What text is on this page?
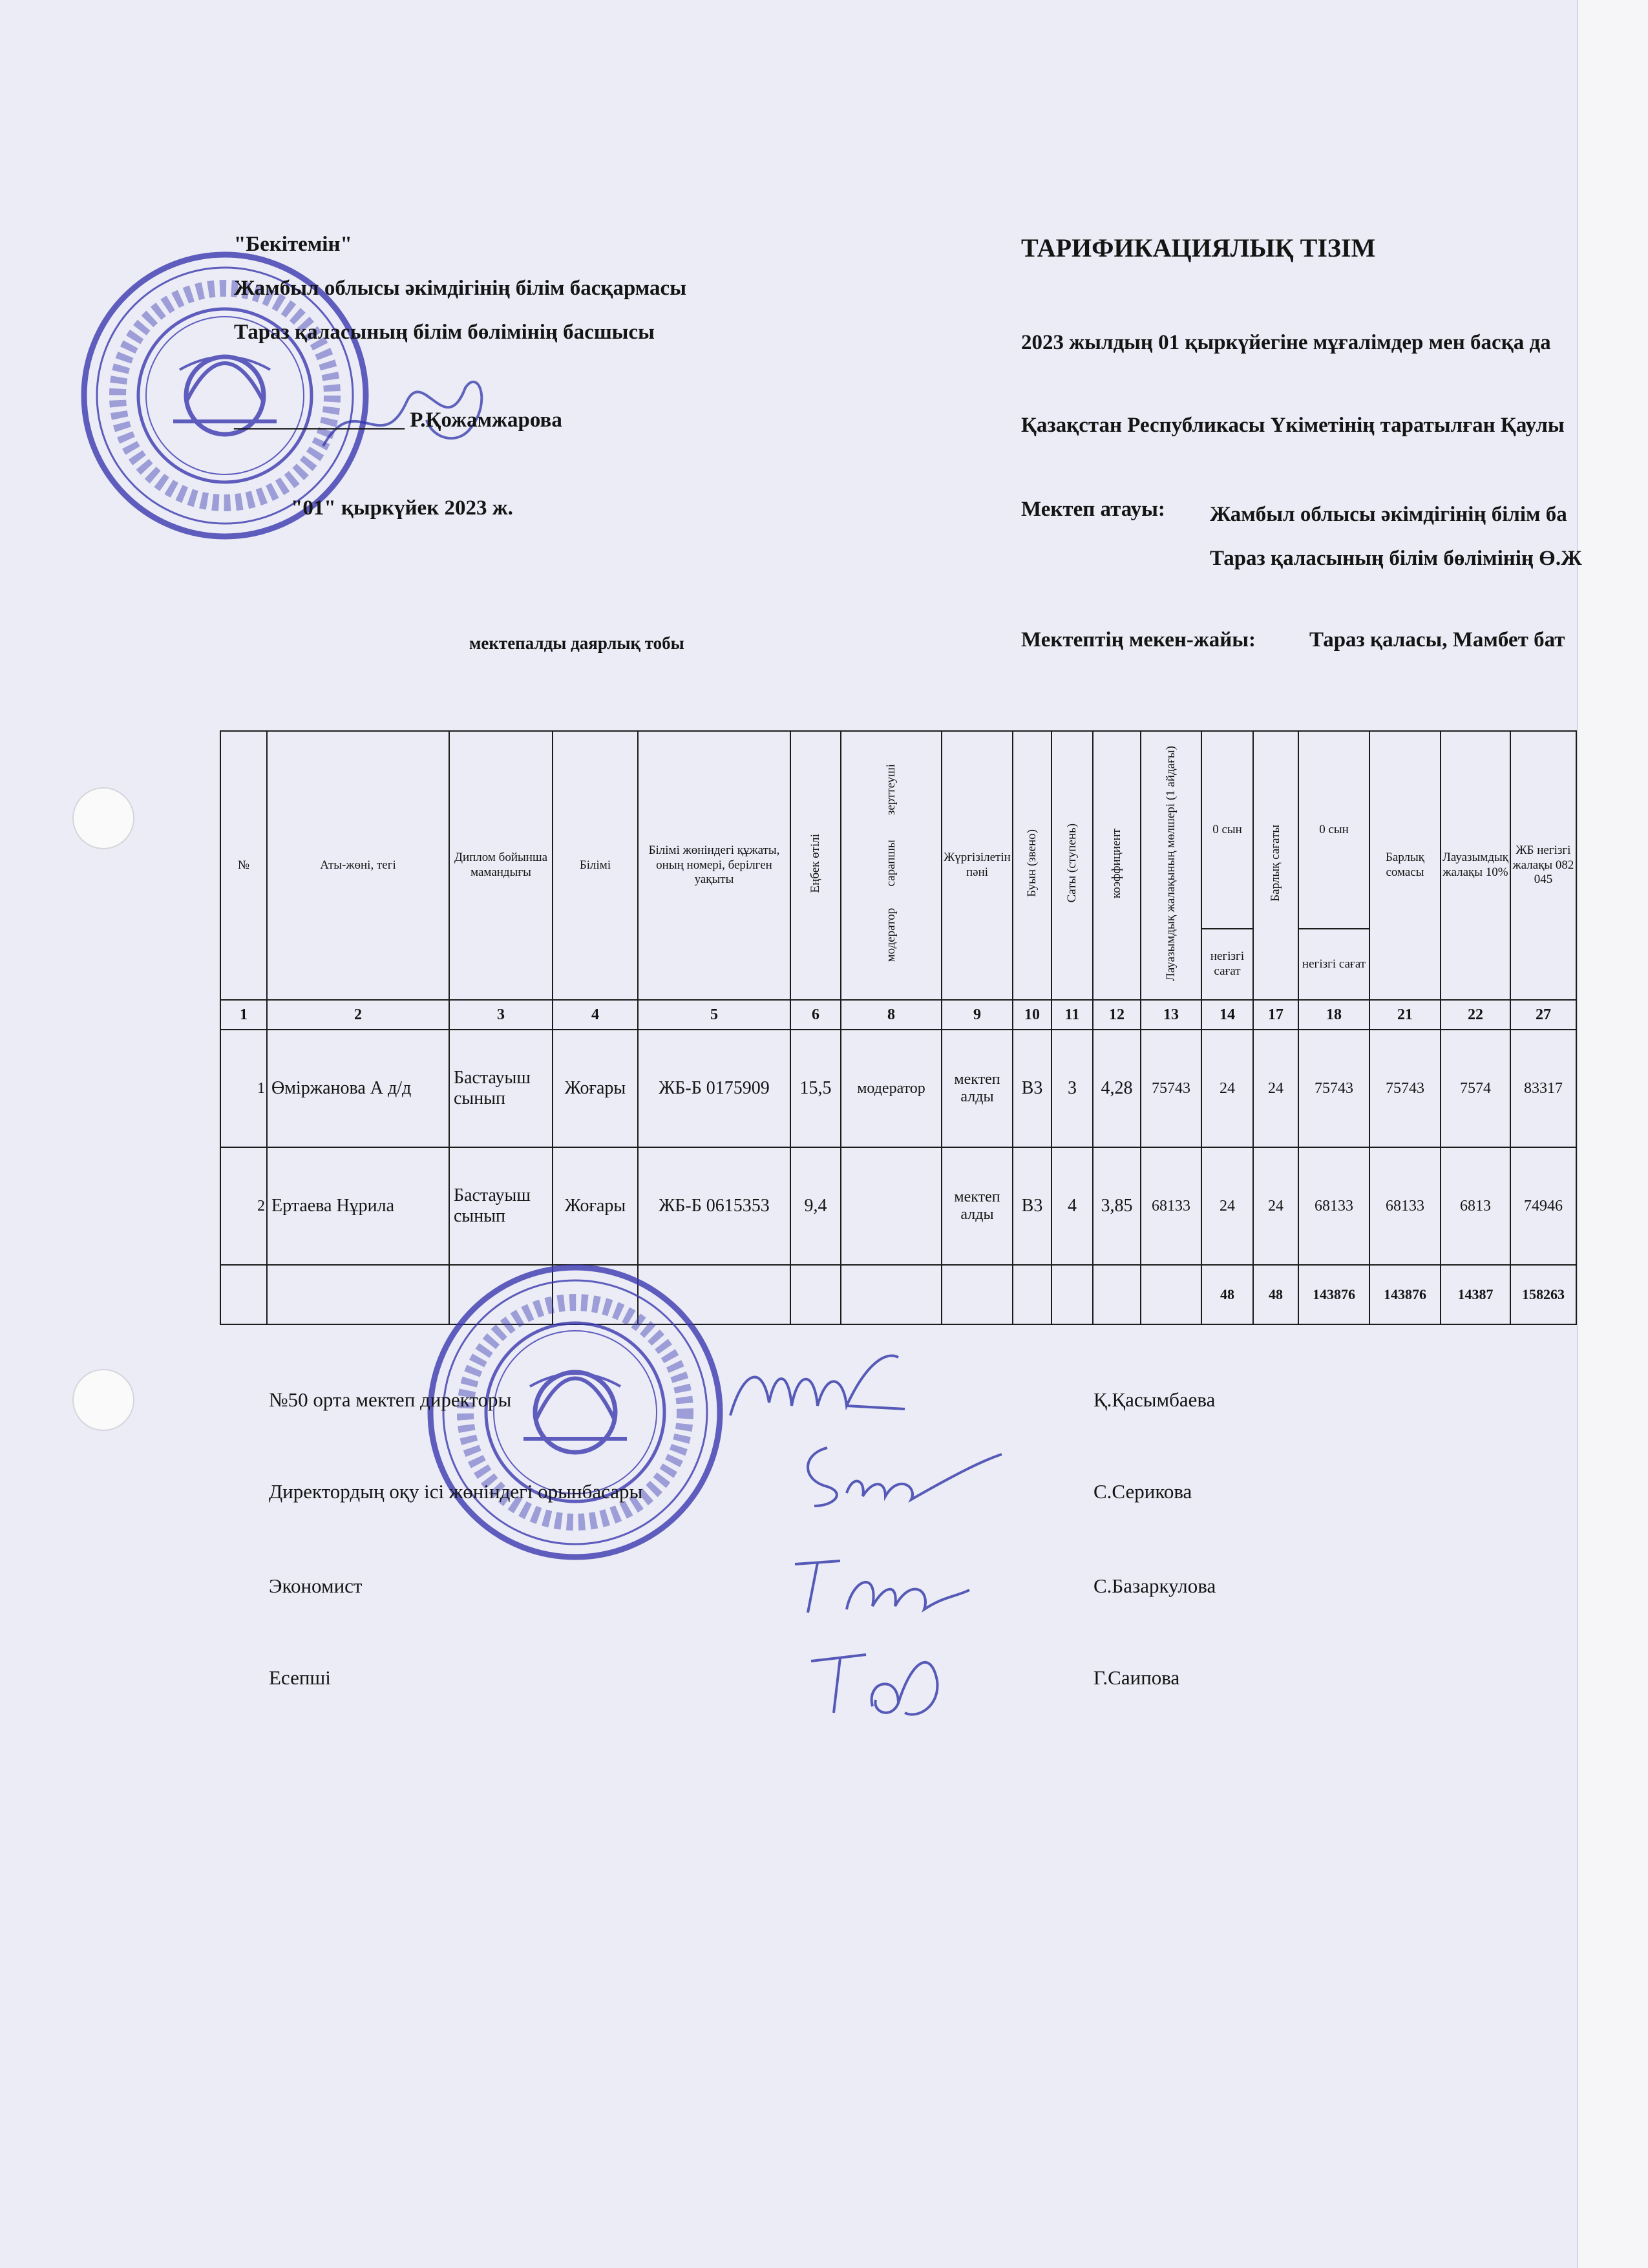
"Бекітемін"
Жамбыл облысы әкімдігінің білім басқармасы
Тараз қаласының білім бөлімінің басшысы
________________ Р.Қожамжарова
"01" қыркүйек 2023 ж.
мектепалды даярлық тобы
ТАРИФИКАЦИЯЛЫҚ ТІЗІМ
2023 жылдың 01 қыркүйегіне мұғалімдер мен басқа да
Қазақстан Республикасы Үкіметінің таратылған Қаулы
Мектеп атауы: Жамбыл облысы әкімдігінің білім ба
Тараз қаласының білім бөлімінің Ө.Ж
Мектептің мекен-жайы:	Тараз қаласы, Мамбет бат
№	Аты-жөні, тегі	Диплом бойынша мамандығы	Білімі	Білімі жөніндегі құжаты, оның номері, берілген уақыты	Еңбек өтілі	модератор       сарапшы        зерттеуші	Жүргізілетін пәні	Буын (звено)	Саты (ступень)	коэффициент	Лауазымдық жалақының мөлшері (1 айдағы)	0 сын	Барлық сағаты	0 сын	Барлық сомасы	Лауазымдық жалақы 10%	ЖБ негізгі жалақы 082 045
												негізгі сағат		негізгі сағат			
1	2	3	4	5	6	8	9	10	11	12	13	14	17	18	21	22	27
1	Өміржанова А д/д	Бастауыш сынып	Жоғары	ЖБ-Б 0175909	15,5	модератор	мектеп алды	В3	3	4,28	75743	24	24	75743	75743	7574	83317
2	Ертаева Нұрила	Бастауыш сынып	Жоғары	ЖБ-Б 0615353	9,4		мектеп алды	В3	4	3,85	68133	24	24	68133	68133	6813	74946
												48	48	143876	143876	14387	158263
№50 орта мектеп директоры	Қ.Қасымбаева
Директордың оқу ісі жөніндегі орынбасары	С.Серикова
Экономист	С.Базаркулова
Есепші	Г.Саипова
